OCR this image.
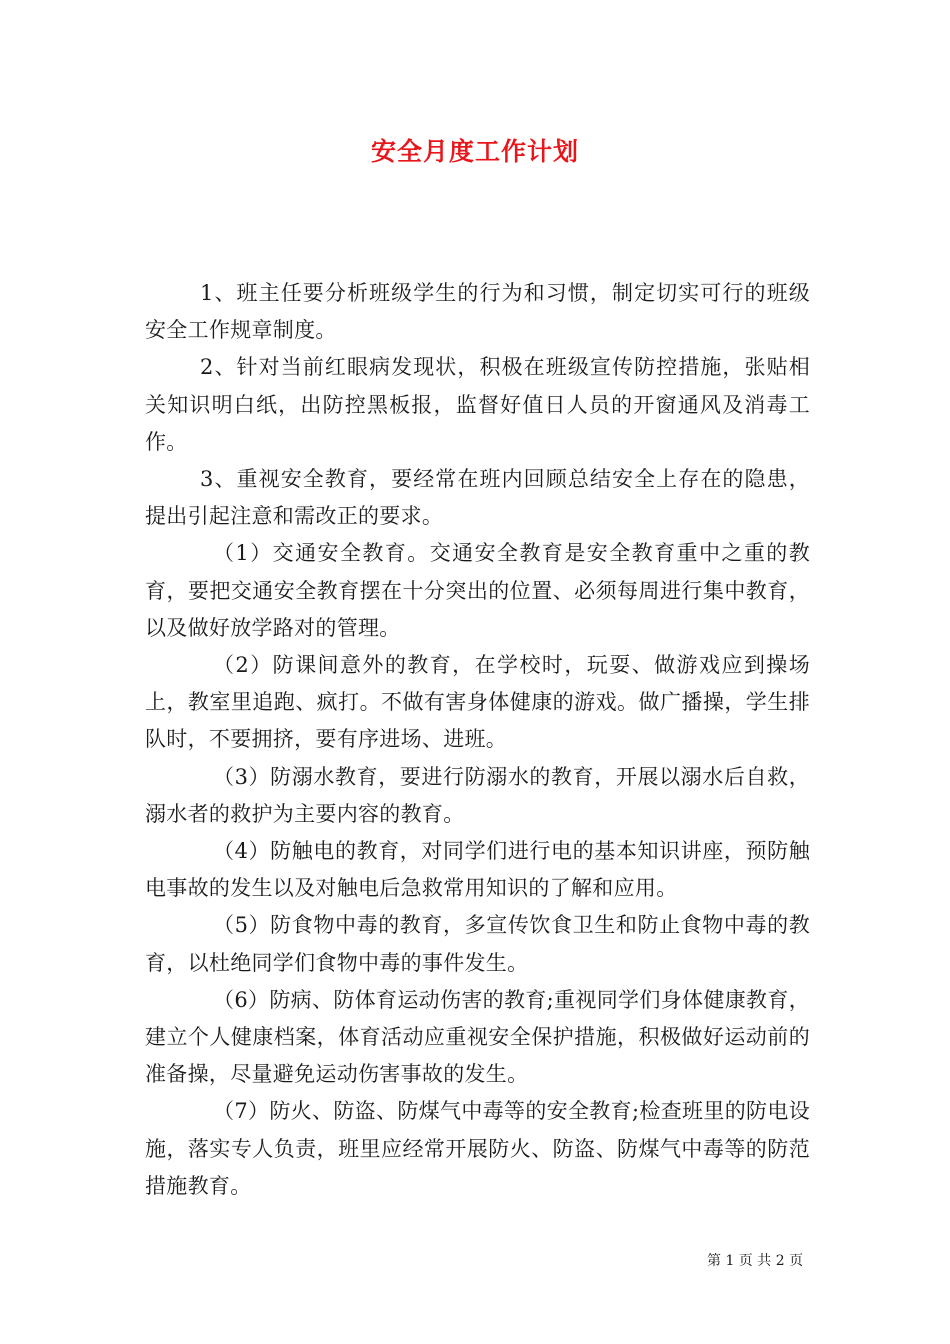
安全月度工作计划

1、班主任要分析班级学生的行为和习惯，制定切实可行的班级安全工作规章制度。

2、针对当前红眼病发现状，积极在班级宣传防控措施，张贴相关知识明白纸，出防控黑板报，监督好值日人员的开窗通风及消毒工作。

3、重视安全教育，要经常在班内回顾总结安全上存在的隐患，提出引起注意和需改正的要求。

（1）交通安全教育。交通安全教育是安全教育重中之重的教育，要把交通安全教育摆在十分突出的位置、必须每周进行集中教育，以及做好放学路对的管理。

（2）防课间意外的教育，在学校时，玩耍、做游戏应到操场上，教室里追跑、疯打。不做有害身体健康的游戏。做广播操，学生排队时，不要拥挤，要有序进场、进班。

（3）防溺水教育，要进行防溺水的教育，开展以溺水后自救，溺水者的救护为主要内容的教育。

（4）防触电的教育，对同学们进行电的基本知识讲座，预防触电事故的发生以及对触电后急救常用知识的了解和应用。

（5）防食物中毒的教育，多宣传饮食卫生和防止食物中毒的教育，以杜绝同学们食物中毒的事件发生。

（6）防病、防体育运动伤害的教育;重视同学们身体健康教育，建立个人健康档案，体育活动应重视安全保护措施，积极做好运动前的准备操，尽量避免运动伤害事故的发生。

（7）防火、防盗、防煤气中毒等的安全教育;检查班里的防电设施，落实专人负责，班里应经常开展防火、防盗、防煤气中毒等的防范措施教育。

第 1 页 共 2 页
